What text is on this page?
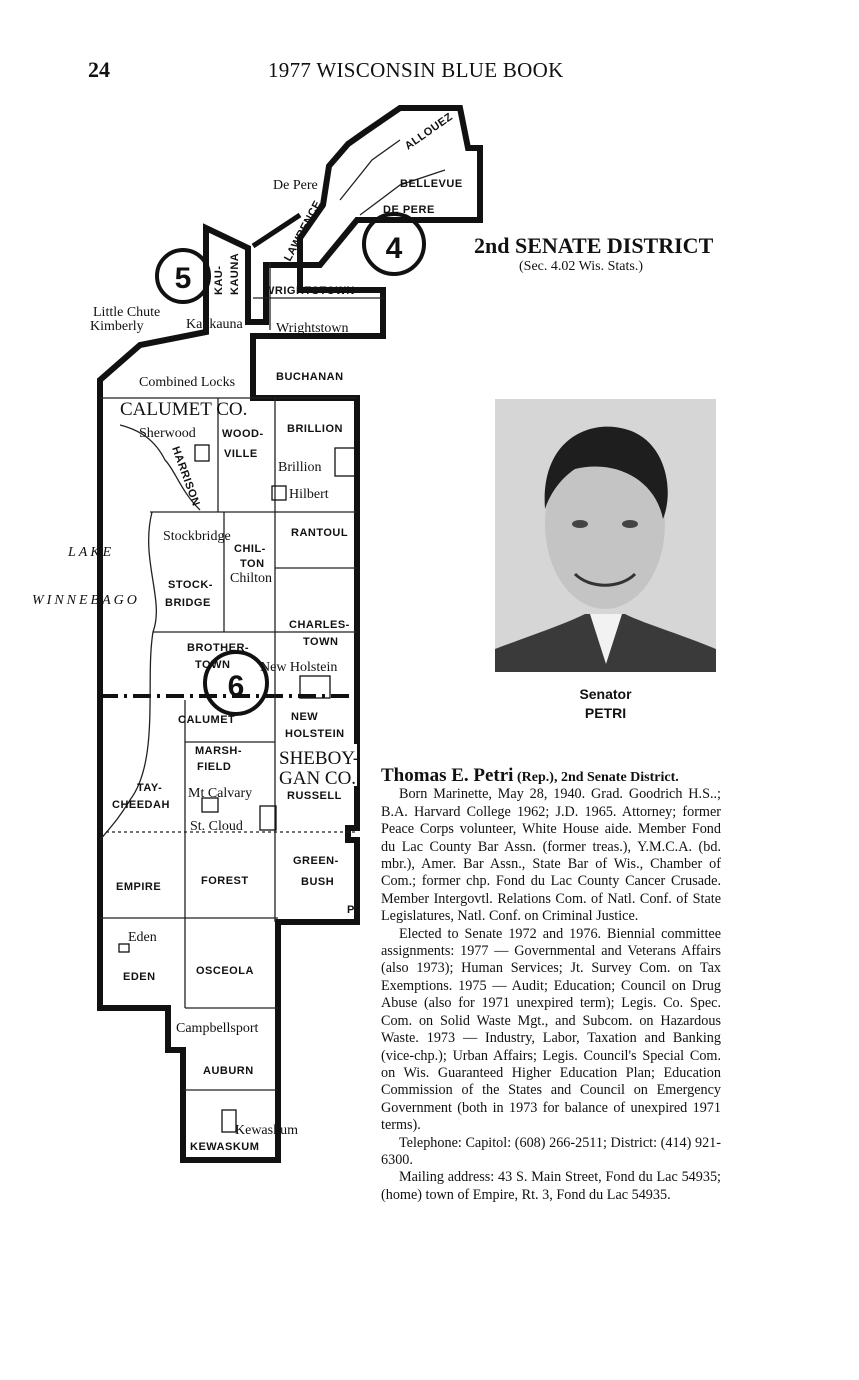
24	1977 WISCONSIN BLUE BOOK
5
4
6
CALUMET CO.
SHEBOY-
GAN CO.
LAKE
WINNEBAGO
BELLEVUE
DE PERE
LAWRENCE
KAU- KAUNA WRIGHTSTOWN
BUCHANAN
WOOD-
VILLE
BRILLION
HARRISON
RANTOUL
CHIL-
TON
STOCK-
BRIDGE
CHARLES-
TOWN
BROTHER-
TOWN
CALUMET	NEW
HOLSTEIN
MARSH-
FIELD
TAY-
CHEEDAH
RUSSELL
FOREST
EMPIRE
GREEN-
BUSH
EDEN	OSCEOLA
AUBURN
KEWASKUM
ALLOUEZ
P
De Pere
Little Chute
Kimberly	Kaukauna Wrightstown
Combined Locks
Sherwood
Brillion
Hilbert
Stockbridge
Chilton
New Holstein
Mt Calvary
St. Cloud
Eden
Campbellsport
Kewaskum
2nd SENATE DISTRICT
(Sec. 4.02 Wis. Stats.)
Senator
PETRI

Thomas E. Petri (Rep.), 2nd Senate District.

Born Marinette, May 28, 1940. Grad. Goodrich H.S..; B.A. Harvard College 1962; J.D. 1965. Attorney; former Peace Corps volunteer, White House aide. Member Fond du Lac County Bar Assn. (former treas.), Y.M.C.A. (bd. mbr.), Amer. Bar Assn., State Bar of Wis., Chamber of Com.; former chp. Fond du Lac County Cancer Crusade. Member Intergovtl. Relations Com. of Natl. Conf. of State Legislatures, Natl. Conf. on Criminal Justice.

Elected to Senate 1972 and 1976. Biennial committee assignments: 1977 — Governmental and Veterans Affairs (also 1973); Human Services; Jt. Survey Com. on Tax Exemptions. 1975 — Audit; Education; Council on Drug Abuse (also for 1971 unexpired term); Legis. Co. Spec. Com. on Solid Waste Mgt., and Subcom. on Hazardous Waste. 1973 — Industry, Labor, Taxation and Banking (vice-chp.); Urban Affairs; Legis. Council's Special Com. on Wis. Guaranteed Higher Education Plan; Education Commission of the States and Council on Emergency Government (both in 1973 for balance of unexpired 1971 terms).

Telephone: Capitol: (608) 266-2511; District: (414) 921-6300.

Mailing address: 43 S. Main Street, Fond du Lac 54935; (home) town of Empire, Rt. 3, Fond du Lac 54935.
